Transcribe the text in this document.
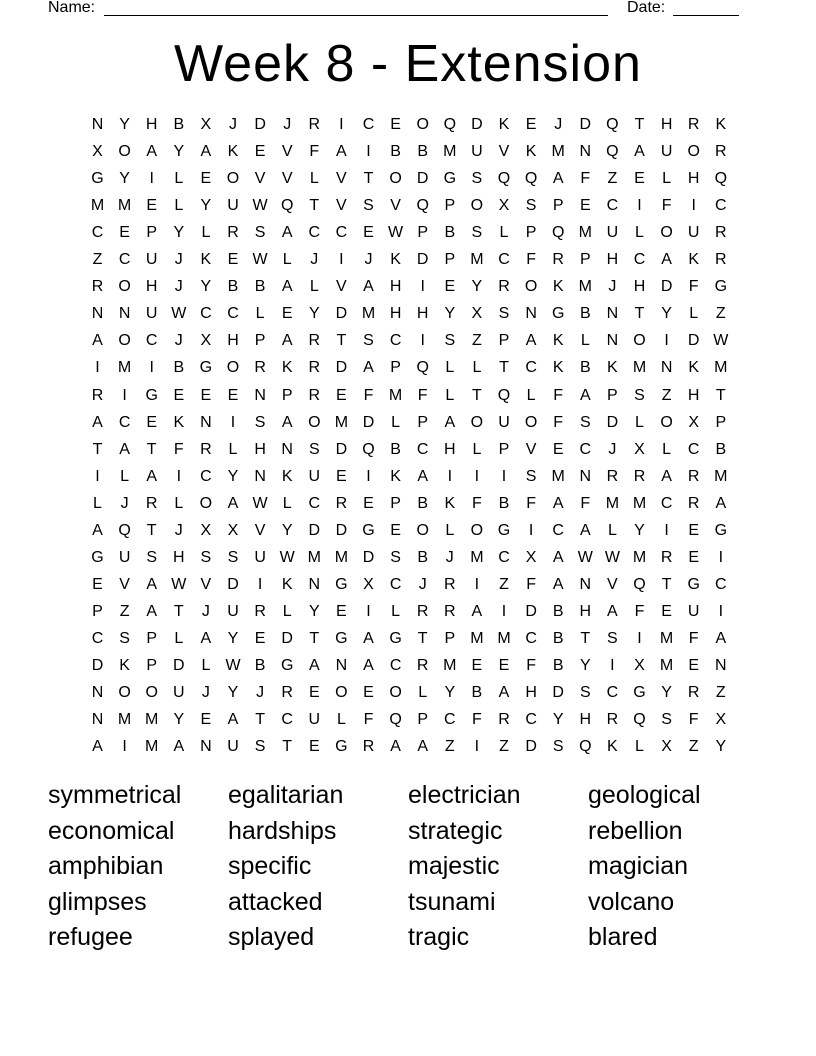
Name:	Date:
Week 8 - Extension
N Y H B	X	J	D	J	R	I	C E O Q D K	E	J	D Q	T	H R K
X O A	Y	A	K	E	V	F	A	I	B	B M U V	K M N Q A U O R
G Y	I	L	E O V	V	L	V	T O D G S Q Q A	F	Z	E	L	H Q
M M E	L	Y	U W Q	T	V	S	V Q P O X	S	P	E C	I	F	I	C
C E	P	Y	L	R S	A	C C E W P	B	S	L	P Q M U	L	O U R
Z	C U	J	K	E W L	J	I	J	K D P M C	F	R P H C A	K	R
R O H	J	Y	B	B	A	L	V	A H	I	E	Y	R O K M	J	H D	F G
N N U W C C	L	E	Y D M H H Y	X	S N G B N	T	Y	L	Z
A O C	J	X	H P	A	R	T	S C	I	S	Z	P	A	K	L	N O	I	D W
I	M	I	B G O R K	R D A	P Q	L	L	T	C K	B	K M N K M
R	I	G E	E	E N P	R E	F M F	L	T Q	L	F	A	P	S	Z	H	T
A C E	K N	I	S	A O M D	L	P	A O U O F	S D	L	O X	P
T	A	T	F	R	L	H N S D Q B C H	L	P	V	E	C	J	X	L	C B
I	L	A	I	C Y N K	U E	I	K	A	I	I	I	S M N R R A R M
L	J	R	L	O A W L	C R E	P	B	K	F	B	F	A	F M M C R A
A Q T	J	X	X	V	Y	D D G E O	L	O G	I	C A	L	Y	I	E G
G U S	H S	S U W M M D S	B	J	M C X	A W W M R E	I
E	V	A W V	D	I	K	N G X C	J	R	I	Z	F	A	N V Q T G C
P	Z	A	T	J	U R	L	Y	E	I	L	R R A	I	D B	H A	F	E U	I
C S	P	L	A	Y	E D	T G A G T	P M M C B	T	S	I	M F	A
D K	P	D	L W B G A N A C R M E	E	F	B	Y	I	X M E	N
N O O U	J	Y	J	R E O E O	L	Y	B	A H D S C G Y R	Z
N M M Y	E	A	T	C U	L	F Q P	C	F	R C Y	H R Q S	F	X
A	I	M A N U S	T	E G R A	A	Z	I	Z	D S Q K	L	X	Z	Y
symmetrical egalitarian	electrician	geological
economical hardships	strategic	rebellion
amphibian	specific	majestic	magician
glimpses	attacked	tsunami	volcano
refugee	splayed	tragic	blared
